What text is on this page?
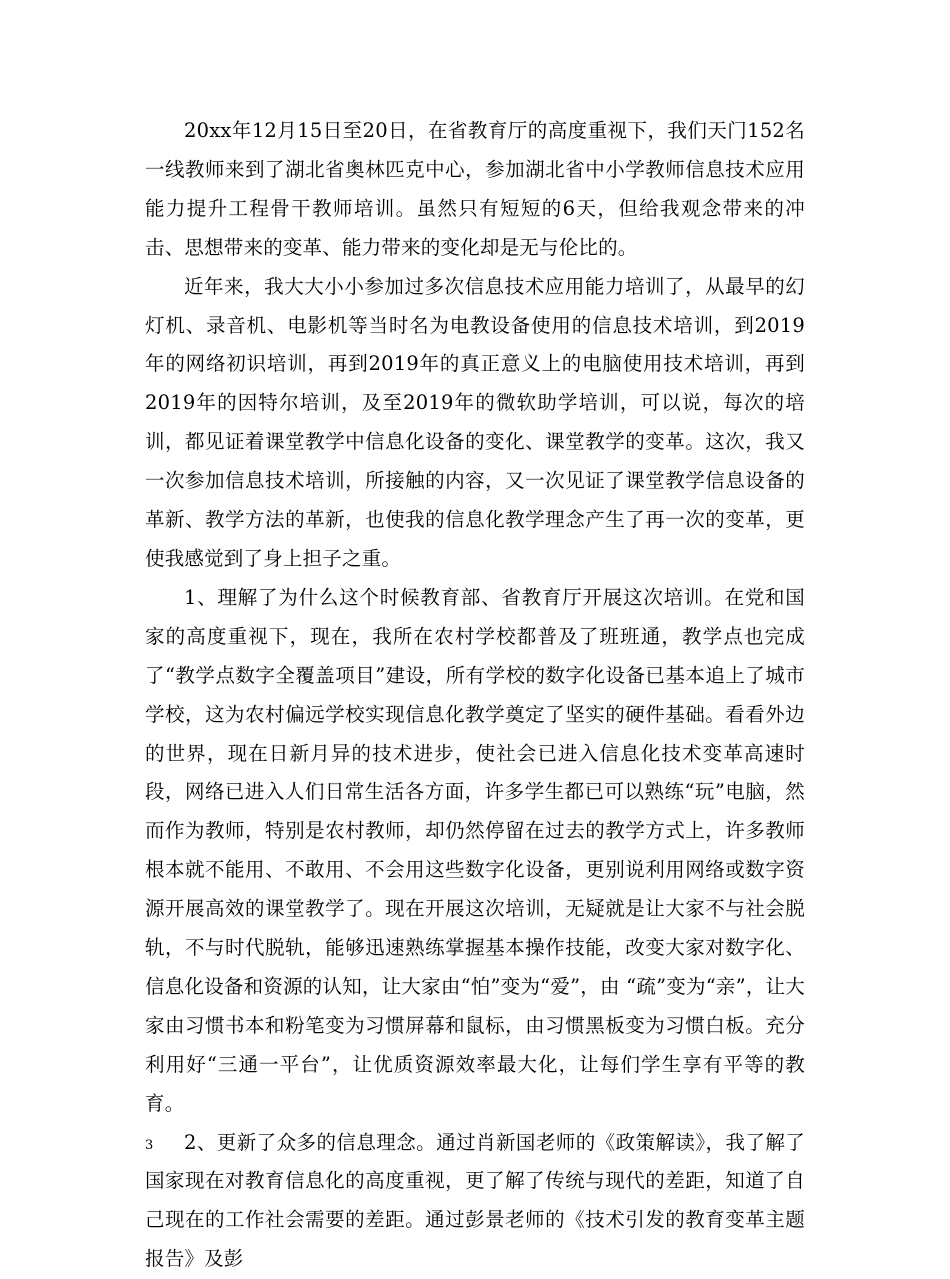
20xx年12月15日至20日，在省教育厅的高度重视下，我们天门152名一线教师来到了湖北省奥林匹克中心，参加湖北省中小学教师信息技术应用能力提升工程骨干教师培训。虽然只有短短的6天，但给我观念带来的冲击、思想带来的变革、能力带来的变化却是无与伦比的。

近年来，我大大小小参加过多次信息技术应用能力培训了，从最早的幻灯机、录音机、电影机等当时名为电教设备使用的信息技术培训，到2019年的网络初识培训，再到2019年的真正意义上的电脑使用技术培训，再到2019年的因特尔培训，及至2019年的微软助学培训，可以说，每次的培训，都见证着课堂教学中信息化设备的变化、课堂教学的变革。这次，我又一次参加信息技术培训，所接触的内容，又一次见证了课堂教学信息设备的革新、教学方法的革新，也使我的信息化教学理念产生了再一次的变革，更使我感觉到了身上担子之重。

1、理解了为什么这个时候教育部、省教育厅开展这次培训。在党和国家的高度重视下，现在，我所在农村学校都普及了班班通，教学点也完成了“教学点数字全覆盖项目”建设，所有学校的数字化设备已基本追上了城市学校，这为农村偏远学校实现信息化教学奠定了坚实的硬件基础。看看外边的世界，现在日新月异的技术进步，使社会已进入信息化技术变革高速时段，网络已进入人们日常生活各方面，许多学生都已可以熟练“玩”电脑，然而作为教师，特别是农村教师，却仍然停留在过去的教学方式上，许多教师根本就不能用、不敢用、不会用这些数字化设备，更别说利用网络或数字资源开展高效的课堂教学了。现在开展这次培训，无疑就是让大家不与社会脱轨，不与时代脱轨，能够迅速熟练掌握基本操作技能，改变大家对数字化、信息化设备和资源的认知，让大家由“怕”变为“爱”，由 “疏”变为“亲”，让大家由习惯书本和粉笔变为习惯屏幕和鼠标，由习惯黑板变为习惯白板。充分利用好“三通一平台”，让优质资源效率最大化，让每们学生享有平等的教育。

2、更新了众多的信息理念。通过肖新国老师的《政策解读》，我了解了国家现在对教育信息化的高度重视，更了解了传统与现代的差距，知道了自己现在的工作社会需要的差距。通过彭景老师的《技术引发的教育变革主题报告》及彭

3
